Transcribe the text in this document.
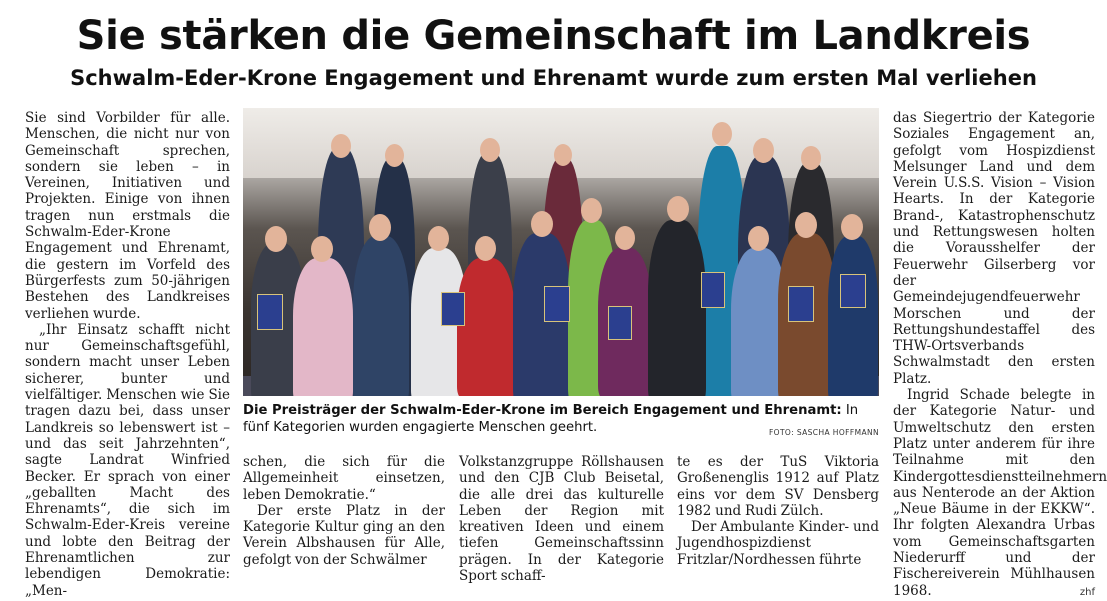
Sie stärken die Gemeinschaft im Landkreis
Schwalm-Eder-Krone Engagement und Ehrenamt wurde zum ersten Mal verliehen

Sie sind Vorbilder für alle. Menschen, die nicht nur von Gemeinschaft sprechen, sondern sie leben – in Vereinen, Initiativen und Projekten. Einige von ihnen tragen nun erstmals die Schwalm-Eder-Krone Engagement und Ehrenamt, die gestern im Vorfeld des Bürgerfests zum 50-jährigen Bestehen des Landkreises verliehen wurde.

„Ihr Einsatz schafft nicht nur Gemeinschaftsgefühl, sondern macht unser Leben sicherer, bunter und vielfältiger. Menschen wie Sie tragen dazu bei, dass unser Landkreis so lebenswert ist – und das seit Jahrzehnten“, sagte Landrat Winfried Becker. Er sprach von einer „geballten Macht des Ehrenamts“, die sich im Schwalm-Eder-Kreis vereine und lobte den Beitrag der Ehrenamtlichen zur lebendigen Demokratie: „Men-

Die Preisträger der Schwalm-Eder-Krone im Bereich Engagement und Ehrenamt: In fünf Kategorien wurden engagierte Menschen geehrt.	FOTO: SASCHA HOFFMANN

schen, die sich für die Allgemeinheit einsetzen, leben Demokratie.“

Der erste Platz in der Kategorie Kultur ging an den Verein Albshausen für Alle, gefolgt von der Schwälmer

Volkstanzgruppe Röllshausen und den CJB Club Beisetal, die alle drei das kulturelle Leben der Region mit kreativen Ideen und einem tiefen Gemeinschaftssinn prägen. In der Kategorie Sport schaff-

te es der TuS Viktoria Großenenglis 1912 auf Platz eins vor dem SV Densberg 1982 und Rudi Zülch.

Der Ambulante Kinder- und Jugendhospizdienst Fritzlar/Nordhessen führte

das Siegertrio der Kategorie Soziales Engagement an, gefolgt vom Hospizdienst Melsunger Land und dem Verein U.S.S. Vision – Vision Hearts. In der Kategorie Brand-, Katastrophenschutz und Rettungswesen holten die Vorausshelfer der Feuerwehr Gilserberg vor der Gemeindejugendfeuerwehr Morschen und der Rettungshundestaffel des THW-Ortsverbands Schwalmstadt den ersten Platz.

Ingrid Schade belegte in der Kategorie Natur- und Umweltschutz den ersten Platz unter anderem für ihre Teilnahme mit den Kindergottesdienstteilnehmern aus Nenterode an der Aktion „Neue Bäume in der EKKW“. Ihr folgten Alexandra Urbas vom Gemeinschaftsgarten Niederurff und der Fischereiverein Mühlhausen 1968.	zhf
